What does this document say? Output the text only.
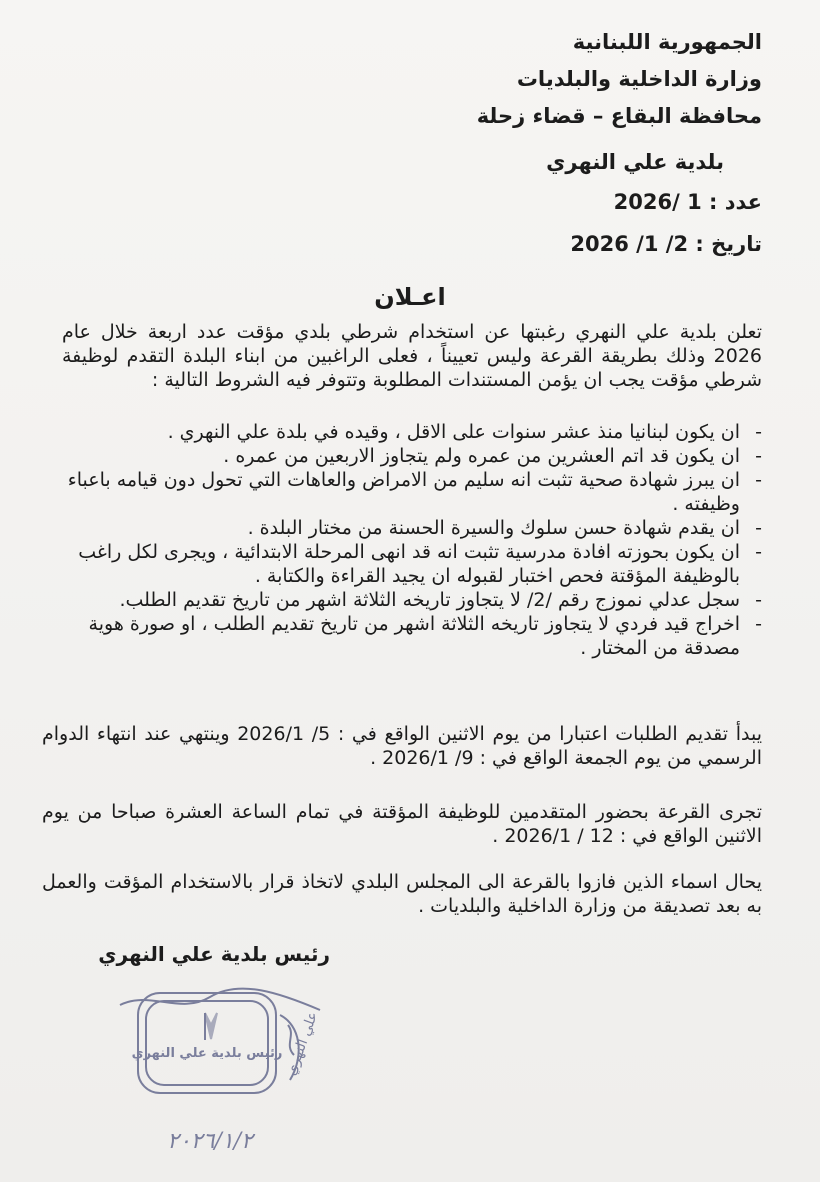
الجمهورية اللبنانية
وزارة الداخلية والبلديات
محافظة البقاع – قضاء زحلة
بلدية علي النهري
عدد : 1 /2026
تاريخ : 2/ 1/ 2026
اعـلان
تعلن بلدية علي النهري رغبتها عن استخدام شرطي بلدي مؤقت عدد اربعة خلال عام 2026 وذلك بطريقة القرعة وليس تعييناً ، فعلى الراغبين من ابناء البلدة التقدم لوظيفة شرطي مؤقت يجب ان يؤمن المستندات المطلوبة وتتوفر فيه الشروط التالية :
- ان يكون لبنانيا منذ عشر سنوات على الاقل ، وقيده في بلدة علي النهري .
- ان يكون قد اتم العشرين من عمره ولم يتجاوز الاربعين من عمره .
- ان يبرز شهادة صحية تثبت انه سليم من الامراض والعاهات التي تحول دون قيامه باعباء وظيفته .
- ان يقدم شهادة حسن سلوك والسيرة الحسنة من مختار البلدة .
- ان يكون بحوزته افادة مدرسية تثبت انه قد انهى المرحلة الابتدائية ، ويجرى لكل راغب بالوظيفة المؤقتة فحص اختبار لقبوله ان يجيد القراءة والكتابة .
- سجل عدلي نموزج رقم /2/ لا يتجاوز تاريخه الثلاثة اشهر من تاريخ تقديم الطلب.
- اخراج قيد فردي لا يتجاوز تاريخه الثلاثة اشهر من تاريخ تقديم الطلب ، او صورة هوية مصدقة من المختار .
يبدأ تقديم الطلبات اعتبارا من يوم الاثنين الواقع في : 5/ 2026/1 وينتهي عند انتهاء الدوام الرسمي من يوم الجمعة الواقع في : 9/ 2026/1 .
تجرى القرعة بحضور المتقدمين للوظيفة المؤقتة في تمام الساعة العشرة صباحا من يوم الاثنين الواقع في : 12 / 2026/1 .
يحال اسماء الذين فازوا بالقرعة الى المجلس البلدي لاتخاذ قرار بالاستخدام المؤقت والعمل به بعد تصديقة من وزارة الداخلية والبلديات .
رئيس بلدية علي النهري
رئيس بلدية علي النهري علي النهري
٢٠٢٦/١/٢
